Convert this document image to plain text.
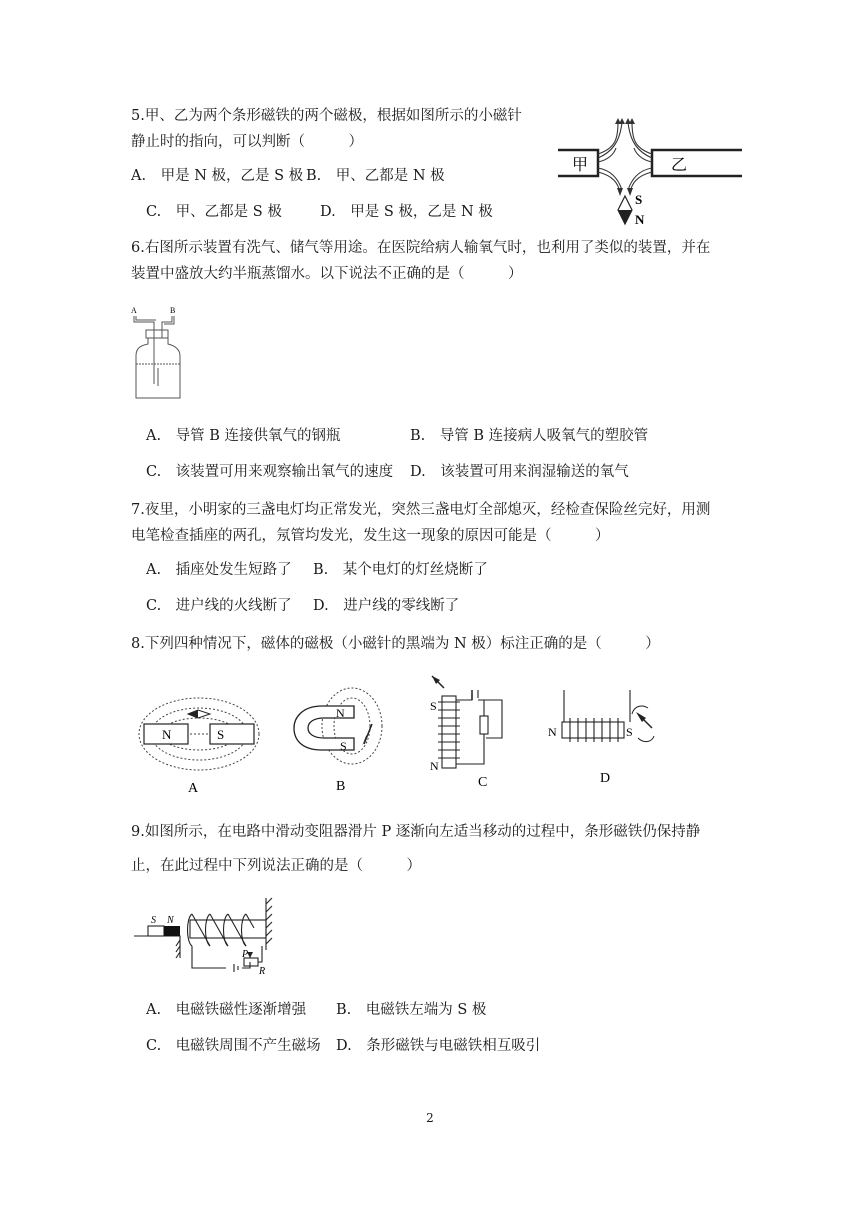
5.甲、乙为两个条形磁铁的两个磁极，根据如图所示的小磁针
静止时的指向，可以判断（　　　）
A.　甲是 N 极，乙是 S 极 B.　甲、乙都是 N 极
C.　甲、乙都是 S 极	D.　甲是 S 极，乙是 N 极
甲	乙
S
N
6.右图所示装置有洗气、储气等用途。在医院给病人输氧气时，也利用了类似的装置，并在
装置中盛放大约半瓶蒸馏水。以下说法不正确的是（　　　）
A	B
A.　导管 B 连接供氧气的钢瓶	B.　导管 B 连接病人吸氧气的塑胶管
C.　该装置可用来观察输出氧气的速度 D.　该装置可用来润湿输送的氧气
7.夜里，小明家的三盏电灯均正常发光，突然三盏电灯全部熄灭，经检查保险丝完好，用测
电笔检查插座的两孔，氖管均发光，发生这一现象的原因可能是（　　　）
A.　插座处发生短路了 B.　某个电灯的灯丝烧断了
C.　进户线的火线断了 D.　进户线的零线断了
8.下列四种情况下，磁体的磁极（小磁针的黑端为 N 极）标注正确的是（　　　）
N	S
A
N
S
B
S
N
C
N	S
D
9.如图所示，在电路中滑动变阻器滑片 P 逐渐向左适当移动的过程中，条形磁铁仍保持静
止，在此过程中下列说法正确的是（　　　）
S N
P
R
A.　电磁铁磁性逐渐增强 B.　电磁铁左端为 S 极
C.　电磁铁周围不产生磁场 D.　条形磁铁与电磁铁相互吸引
2
